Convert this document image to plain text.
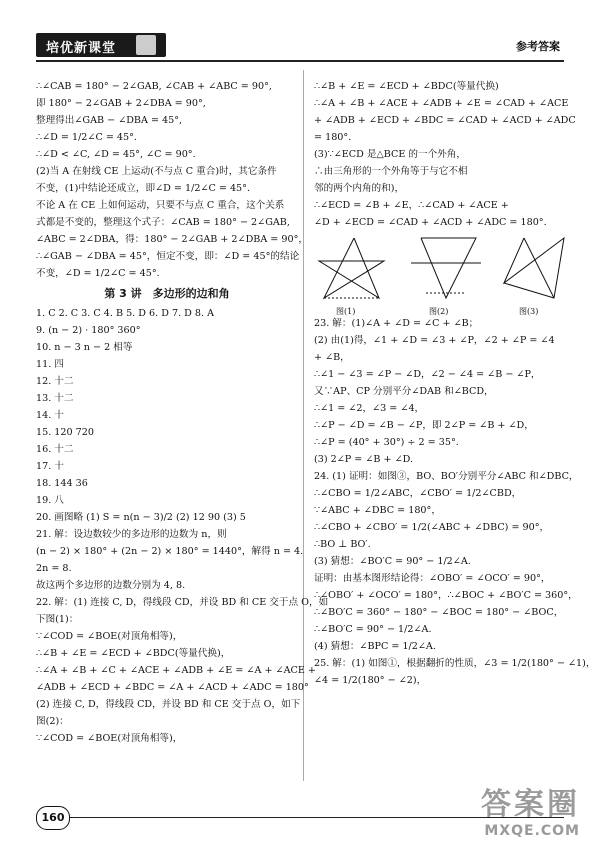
培优新课堂	参考答案
∴∠CAB = 180° − 2∠GAB, ∠CAB + ∠ABC = 90°,
即 180° − 2∠GAB + 2∠DBA = 90°,
整理得出∠GAB − ∠DBA = 45°,
∴∠D = 1/2∠C = 45°.
∴∠D < ∠C, ∠D = 45°, ∠C = 90°.
(2)当 A 在射线 CE 上运动(不与点 C 重合)时，其它条件
不变，(1)中结论还成立，即∠D = 1/2∠C = 45°.
不论 A 在 CE 上如何运动，只要不与点 C 重合，这个关系
式都是不变的，整理这个式子：∠CAB = 180° − 2∠GAB,
∠ABC = 2∠DBA，得：180° − 2∠GAB + 2∠DBA = 90°，
∴∠GAB − ∠DBA = 45°，恒定不变，即：∠D = 45°的结论
不变，∠D = 1/2∠C = 45°.
第 3 讲　多边形的边和角
1. C 2. C 3. C 4. B 5. D 6. D 7. D 8. A
9. (n − 2) · 180° 360°
10. n − 3 n − 2 相等
11. 四
12. 十二
13. 十二
14. 十
15. 120 720
16. 十二
17. 十
18. 144 36
19. 八
20. 画图略 (1) S = n(n − 3)/2 (2) 12 90 (3) 5
21. 解：设边数较少的多边形的边数为 n，则
(n − 2) × 180° + (2n − 2) × 180° = 1440°，解得 n = 4.
2n = 8.
故这两个多边形的边数分别为 4, 8.
22. 解：(1) 连接 C, D，得线段 CD，并设 BD 和 CE 交于点 O，如
下图(1)：
∵∠COD = ∠BOE(对顶角相等)，
∴∠B + ∠E = ∠ECD + ∠BDC(等量代换)，
∴∠A + ∠B + ∠C + ∠ACE + ∠ADB + ∠E = ∠A + ∠ACE +
∠ADB + ∠ECD + ∠BDC = ∠A + ∠ACD + ∠ADC = 180°
(2) 连接 C, D，得线段 CD，并设 BD 和 CE 交于点 O，如下
图(2)：
∵∠COD = ∠BOE(对顶角相等)，
∴∠B + ∠E = ∠ECD + ∠BDC(等量代换)
∴∠A + ∠B + ∠ACE + ∠ADB + ∠E = ∠CAD + ∠ACE
+ ∠ADB + ∠ECD + ∠BDC = ∠CAD + ∠ACD + ∠ADC
= 180°.
(3)∵∠ECD 是△BCE 的一个外角，
∴由三角形的一个外角等于与它不相
邻的两个内角的和)，
∴∠ECD = ∠B + ∠E，∴∠CAD + ∠ACE +
∠D + ∠ECD = ∠CAD + ∠ACD + ∠ADC = 180°.
图(1)	图(2)	图(3)
23. 解：(1)∠A + ∠D = ∠C + ∠B；
(2) 由(1)得，∠1 + ∠D = ∠3 + ∠P，∠2 + ∠P = ∠4
+ ∠B，
∴∠1 − ∠3 = ∠P − ∠D，∠2 − ∠4 = ∠B − ∠P，
又∵AP、CP 分别平分∠DAB 和∠BCD，
∴∠1 = ∠2，∠3 = ∠4，
∴∠P − ∠D = ∠B − ∠P，即 2∠P = ∠B + ∠D，
∴∠P = (40° + 30°) ÷ 2 = 35°.
(3) 2∠P = ∠B + ∠D.
24. (1) 证明：如图③，BO、BO′分别平分∠ABC 和∠DBC，
∴∠CBO = 1/2∠ABC，∠CBO′ = 1/2∠CBD，
∵∠ABC + ∠DBC = 180°，
∴∠CBO + ∠CBO′ = 1/2(∠ABC + ∠DBC) = 90°，
∴BO ⊥ BO′.
(3) 猜想：∠BO′C = 90° − 1/2∠A.
证明：由基本图形结论得：∠OBO′ = ∠OCO′ = 90°，
∴∠OBO′ + ∠OCO′ = 180°，∴∠BOC + ∠BO′C = 360°，
∴∠BO′C = 360° − 180° − ∠BOC = 180° − ∠BOC，
∴∠BO′C = 90° − 1/2∠A.
(4) 猜想：∠BPC = 1/2∠A.
25. 解：(1) 如图①，根据翻折的性质，∠3 = 1/2(180° − ∠1)，
∠4 = 1/2(180° − ∠2)，
160	答案圈
MXQE.COM
